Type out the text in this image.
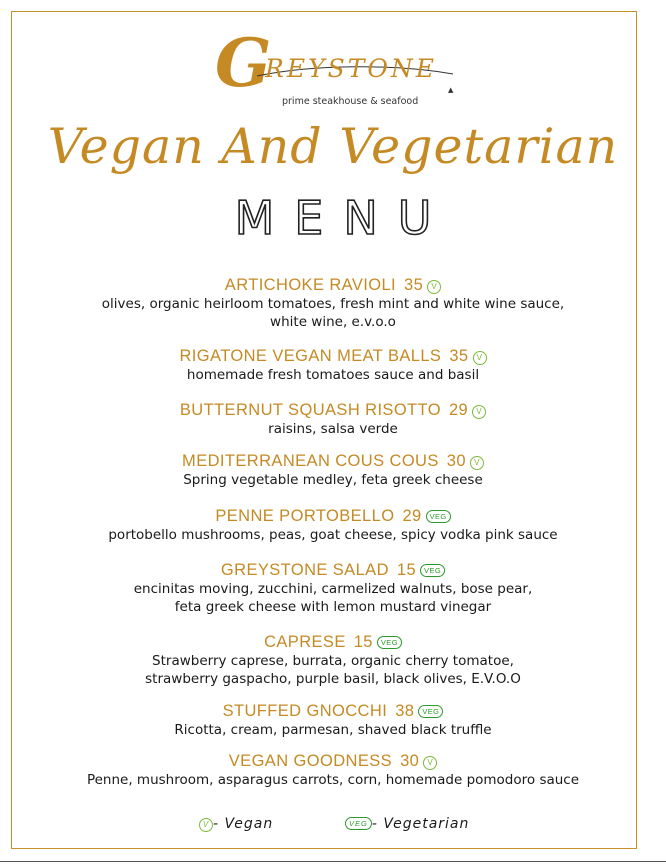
G
REYSTONE
prime steakhouse & seafood
▲
Vegan And Vegetarian
MENU
ARTICHOKE RAVIOLI 35 V
olives, organic heirloom tomatoes, fresh mint and white wine sauce,
white wine, e.v.o.o
RIGATONE VEGAN MEAT BALLS 35 V
homemade fresh tomatoes sauce and basil
BUTTERNUT SQUASH RISOTTO 29 V
raisins, salsa verde
MEDITERRANEAN COUS COUS 30 V
Spring vegetable medley, feta greek cheese
PENNE PORTOBELLO 29 VEG
portobello mushrooms, peas, goat cheese, spicy vodka pink sauce
GREYSTONE SALAD 15 VEG
encinitas moving, zucchini, carmelized walnuts, bose pear,
feta greek cheese with lemon mustard vinegar
CAPRESE 15 VEG
Strawberry caprese, burrata, organic cherry tomatoe,
strawberry gaspacho, purple basil, black olives, E.V.O.O
STUFFED GNOCCHI 38 VEG
Ricotta, cream, parmesan, shaved black truffle
VEGAN GOODNESS 30 V
Penne, mushroom, asparagus carrots, corn, homemade pomodoro sauce
V - Vegan	VEG - Vegetarian
